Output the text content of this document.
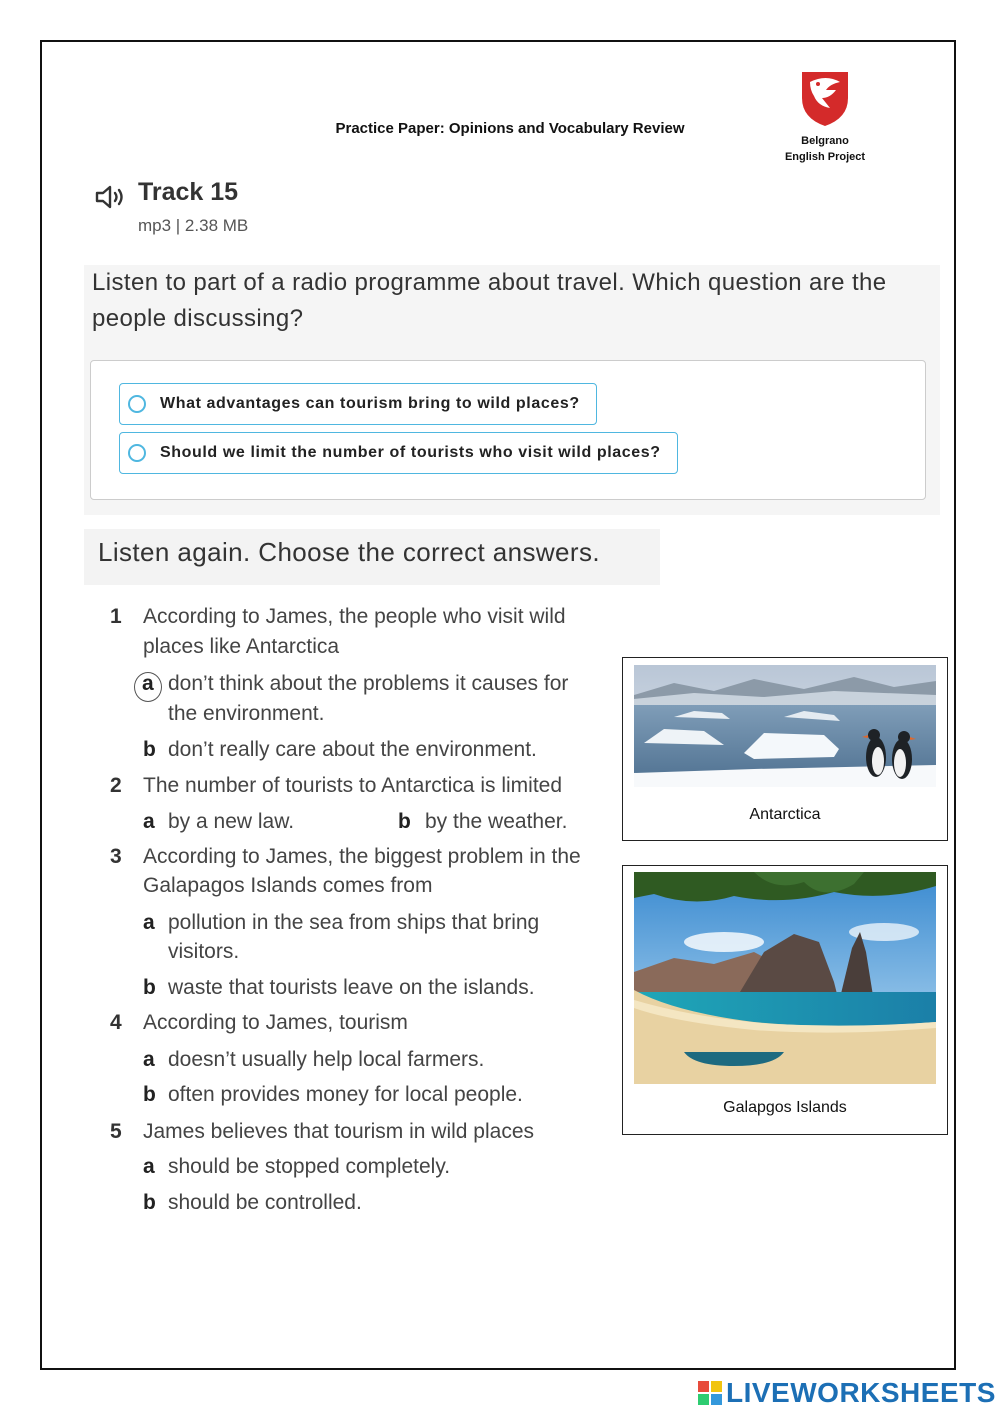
Practice Paper: Opinions and Vocabulary Review
Belgrano
English Project
Track 15
mp3 | 2.38 MB
Listen to part of a radio programme about travel. Which question are the people discussing?
What advantages can tourism bring to wild places?
Should we limit the number of tourists who visit wild places?
Listen again. Choose the correct answers.
1 According to James, the people who visit wild
places like Antarctica
a don’t think about the problems it causes for
the environment.
b don’t really care about the environment.
2 The number of tourists to Antarctica is limited
a by a new law.	b by the weather.
3 According to James, the biggest problem in the
Galapagos Islands comes from
a pollution in the sea from ships that bring
visitors.
b waste that tourists leave on the islands.
4 According to James, tourism
a doesn’t usually help local farmers.
b often provides money for local people.
5 James believes that tourism in wild places
a should be stopped completely.
b should be controlled.
Antarctica
Galapgos Islands
LIVEWORKSHEETS
